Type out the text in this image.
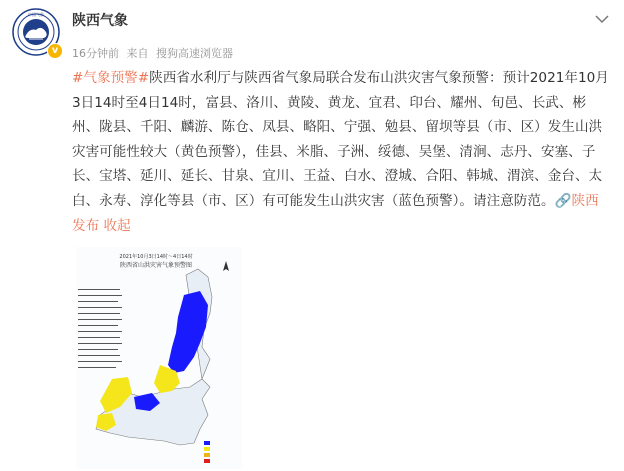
中国气象
v
陕西气象
16分钟前 来自 搜狗高速浏览器
#气象预警#陕西省水利厅与陕西省气象局联合发布山洪灾害气象预警：预计2021年10月3日14时至4日14时，富县、洛川、黄陵、黄龙、宜君、印台、耀州、旬邑、长武、彬州、陇县、千阳、麟游、陈仓、凤县、略阳、宁强、勉县、留坝等县（市、区）发生山洪灾害可能性较大（黄色预警），佳县、米脂、子洲、绥德、吴堡、清涧、志丹、安塞、子长、宝塔、延川、延长、甘泉、宜川、王益、白水、澄城、合阳、韩城、渭滨、金台、太白、永寿、淳化等县（市、区）有可能发生山洪灾害（蓝色预警）。请注意防范。🔗陕西发布 收起
2021年10月3日14时～4日14时
陕西省山洪灾害气象预警图
